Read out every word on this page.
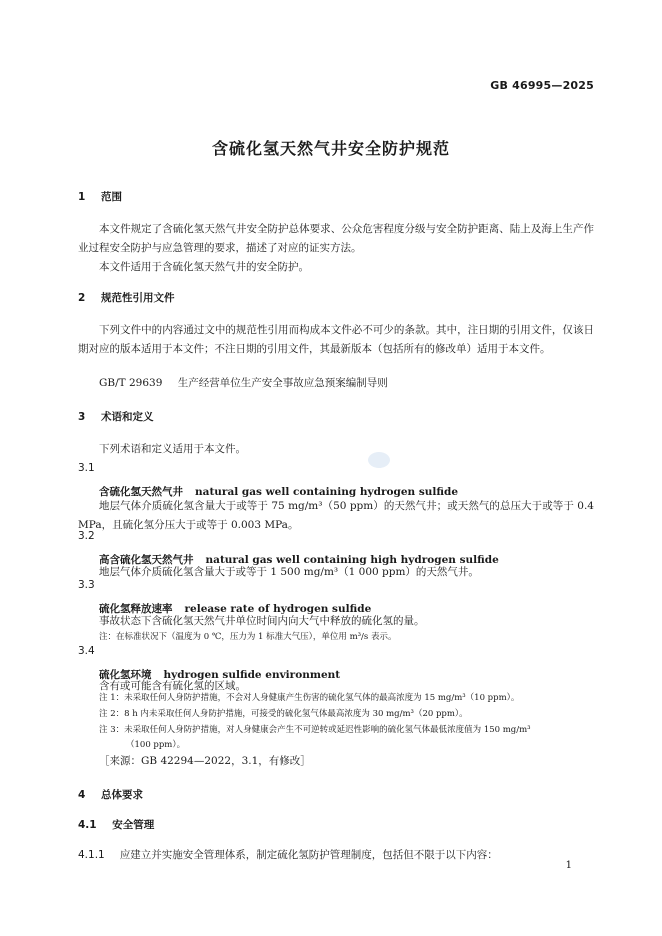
GB 46995—2025
含硫化氢天然气井安全防护规范
1 范围
本文件规定了含硫化氢天然气井安全防护总体要求、公众危害程度分级与安全防护距离、陆上及海上生产作业过程安全防护与应急管理的要求，描述了对应的证实方法。
本文件适用于含硫化氢天然气井的安全防护。
2 规范性引用文件
下列文件中的内容通过文中的规范性引用而构成本文件必不可少的条款。其中，注日期的引用文件，仅该日期对应的版本适用于本文件；不注日期的引用文件，其最新版本（包括所有的修改单）适用于本文件。
GB/T 29639 生产经营单位生产安全事故应急预案编制导则
3 术语和定义
下列术语和定义适用于本文件。
3.1
含硫化氢天然气井 natural gas well containing hydrogen sulfide
地层气体介质硫化氢含量大于或等于 75 mg/m³（50 ppm）的天然气井；或天然气的总压大于或等于 0.4 MPa，且硫化氢分压大于或等于 0.003 MPa。
3.2
高含硫化氢天然气井 natural gas well containing high hydrogen sulfide
地层气体介质硫化氢含量大于或等于 1 500 mg/m³（1 000 ppm）的天然气井。
3.3
硫化氢释放速率 release rate of hydrogen sulfide
事故状态下含硫化氢天然气井单位时间内向大气中释放的硫化氢的量。
注：在标准状况下（温度为 0 ℃，压力为 1 标准大气压），单位用 m³/s 表示。
3.4
硫化氢环境 hydrogen sulfide environment
含有或可能含有硫化氢的区域。
注 1：未采取任何人身防护措施，不会对人身健康产生伤害的硫化氢气体的最高浓度为 15 mg/m³（10 ppm）。
注 2：8 h 内未采取任何人身防护措施，可接受的硫化氢气体最高浓度为 30 mg/m³（20 ppm）。
注 3：未采取任何人身防护措施，对人身健康会产生不可逆转或延迟性影响的硫化氢气体最低浓度值为 150 mg/m³
（100 ppm）。
［来源：GB 42294—2022，3.1，有修改］
4 总体要求
4.1 安全管理
4.1.1 应建立并实施安全管理体系，制定硫化氢防护管理制度，包括但不限于以下内容：
1
